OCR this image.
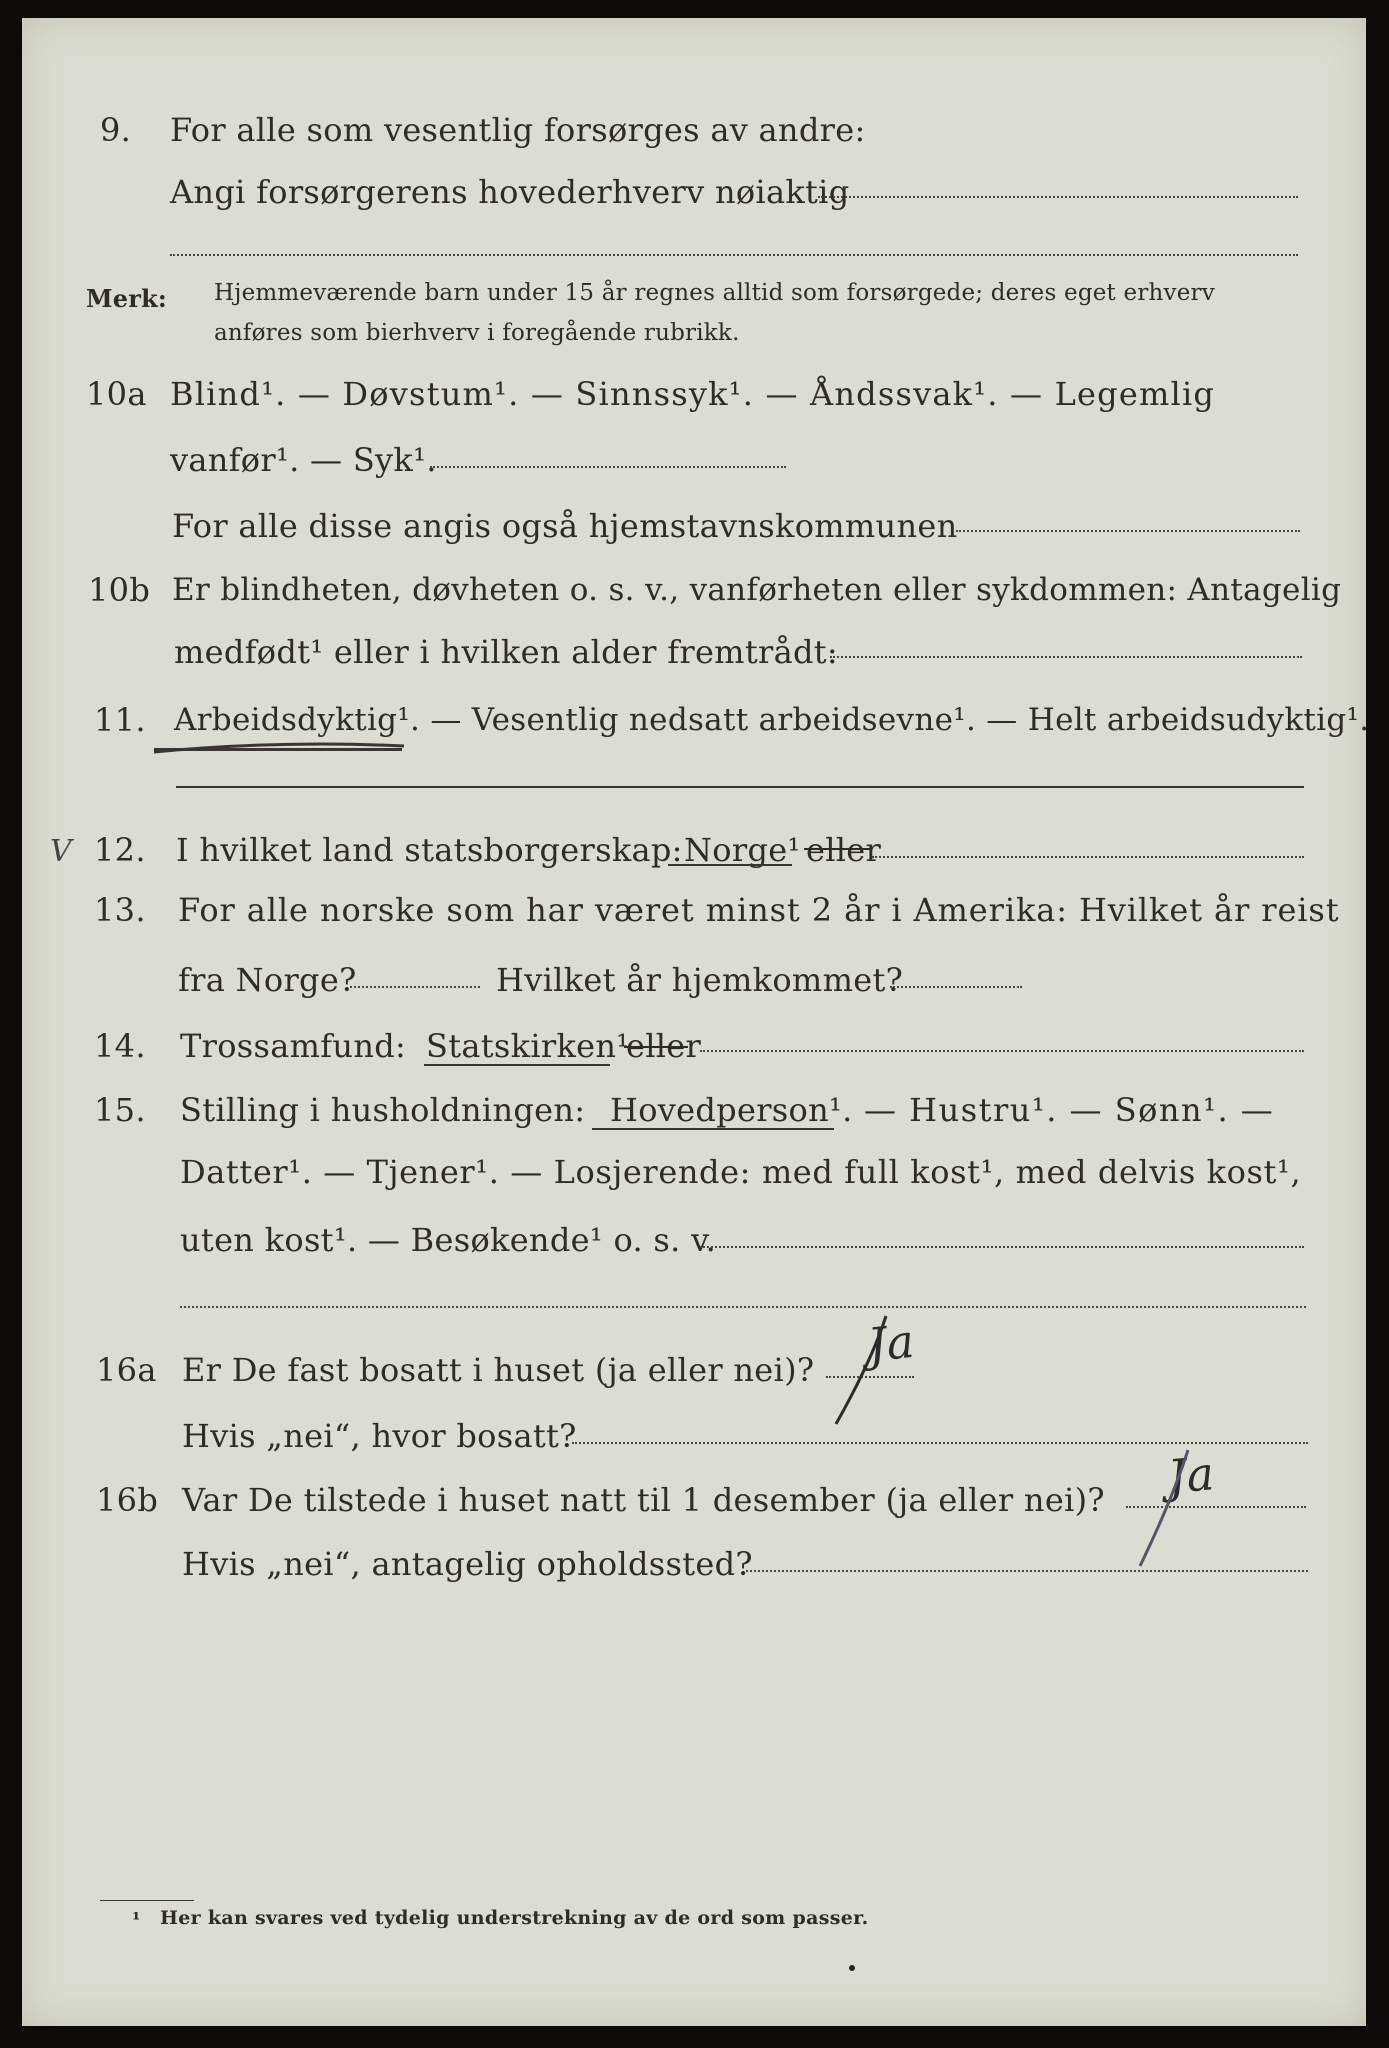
9. For alle som vesentlig forsørges av andre:
Angi forsørgerens hovederhverv nøiaktig
Merk: Hjemmeværende barn under 15 år regnes alltid som forsørgede; deres eget erhverv
anføres som bierhverv i foregående rubrikk.
10a Blind¹. — Døvstum¹. — Sinnssyk¹. — Åndssvak¹. — Legemlig
vanfør¹. — Syk¹.
For alle disse angis også hjemstavnskommunen
10b Er blindheten, døvheten o. s. v., vanførheten eller sykdommen: Antagelig
medfødt¹ eller i hvilken alder fremtrådt:
11. Arbeidsdyktig¹. — Vesentlig nedsatt arbeidsevne¹. — Helt arbeidsudyktig¹.
V 12. I hvilket land statsborgerskap: Norge¹ eller
13. For alle norske som har været minst 2 år i Amerika: Hvilket år reist
fra Norge?	Hvilket år hjemkommet?
14. Trossamfund: Statskirken¹
eller
15. Stilling i husholdningen: Hovedperson¹. — Hustru¹. — Sønn¹. —
Datter¹. — Tjener¹. — Losjerende: med full kost¹, med delvis kost¹,
uten kost¹. — Besøkende¹ o. s. v.
16a Er De fast bosatt i huset (ja eller nei)? Ja
Hvis „nei“, hvor bosatt?
16b Var De tilstede i huset natt til 1 desember (ja eller nei)? Ja
Hvis „nei“, antagelig opholdssted?
¹ Her kan svares ved tydelig understrekning av de ord som passer.
